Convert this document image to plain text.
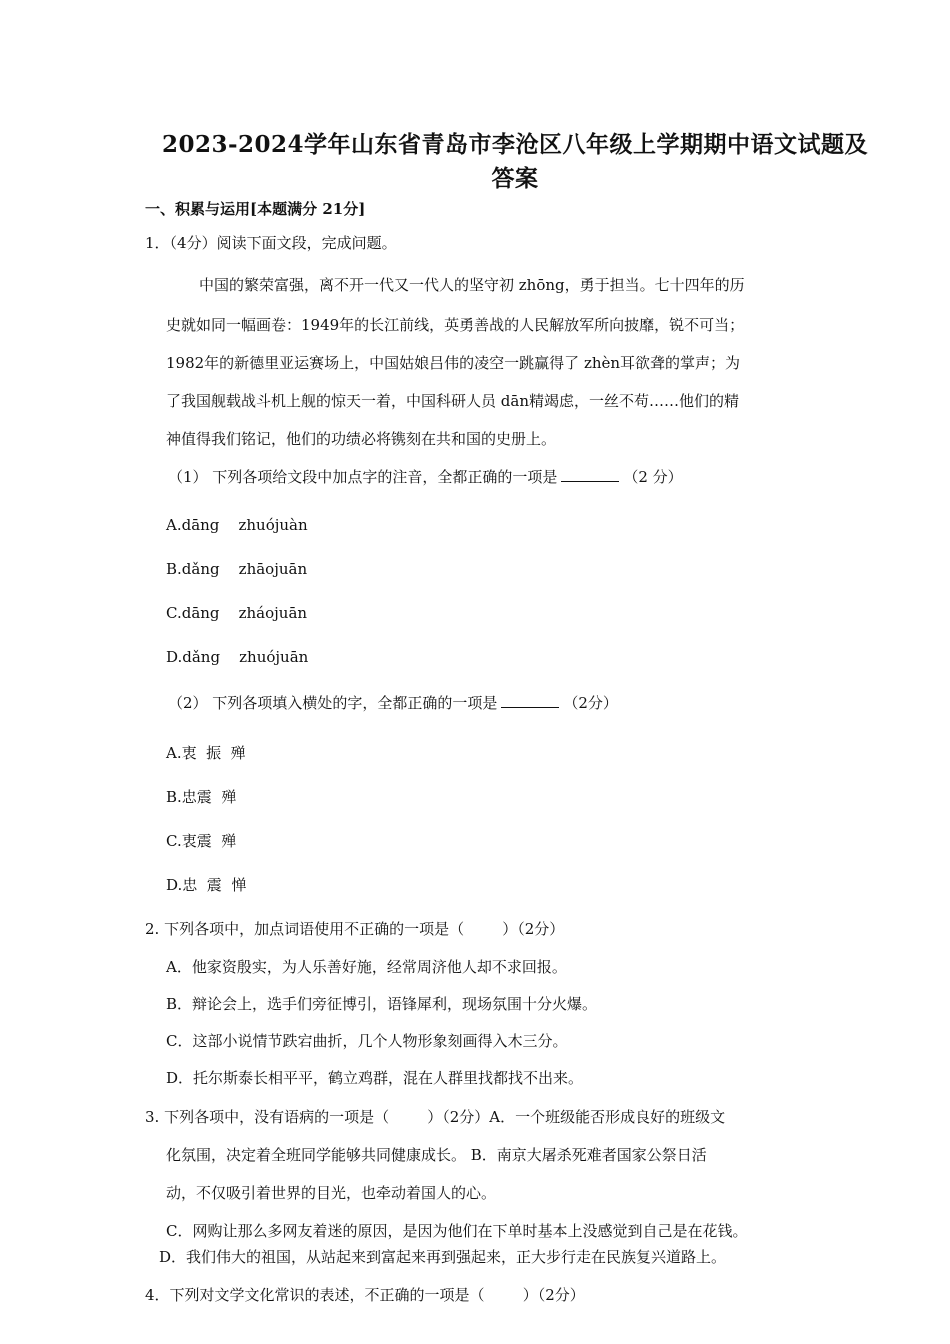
2023-2024学年山东省青岛市李沧区八年级上学期期中语文试题及
答案
一、积累与运用[本题满分 21分]
1．（4分）阅读下面文段，完成问题。
中国的繁荣富强，离不开一代又一代人的坚守初 zhōng，勇于担当。七十四年的历
史就如同一幅画卷：1949年的长江前线，英勇善战的人民解放军所向披靡，锐不可当；
1982年的新德里亚运赛场上，中国姑娘吕伟的凌空一跳赢得了 zhèn耳欲聋的掌声；为
了我国舰载战斗机上舰的惊天一着，中国科研人员 dān精竭虑，一丝不苟……他们的精
神值得我们铭记，他们的功绩必将镌刻在共和国的史册上。
（1） 下列各项给文段中加点字的注音，全都正确的一项是	（2 分）
A.dāng    zhuójuàn
B.dǎng    zhāojuān
C.dāng    zháojuān
D.dǎng    zhuójuān
（2） 下列各项填入横处的字，全都正确的一项是	（2分）
A.衷  振  殚
B.忠震  殚
C.衷震  殚
D.忠  震  惮
2. 下列各项中，加点词语使用不正确的一项是（        ）（2分）
A．他家资殷实，为人乐善好施，经常周济他人却不求回报。
B．辩论会上，选手们旁征博引，语锋犀利，现场氛围十分火爆。
C．这部小说情节跌宕曲折，几个人物形象刻画得入木三分。
D．托尔斯泰长相平平，鹤立鸡群，混在人群里找都找不出来。
3. 下列各项中，没有语病的一项是（        ）（2分）A．一个班级能否形成良好的班级文
化氛围，决定着全班同学能够共同健康成长。 B．南京大屠杀死难者国家公祭日活
动，不仅吸引着世界的目光，也牵动着国人的心。
C．网购让那么多网友着迷的原因，是因为他们在下单时基本上没感觉到自己是在花钱。
D．我们伟大的祖国，从站起来到富起来再到强起来，正大步行走在民族复兴道路上。
4．下列对文学文化常识的表述，不正确的一项是（        ）（2分）
